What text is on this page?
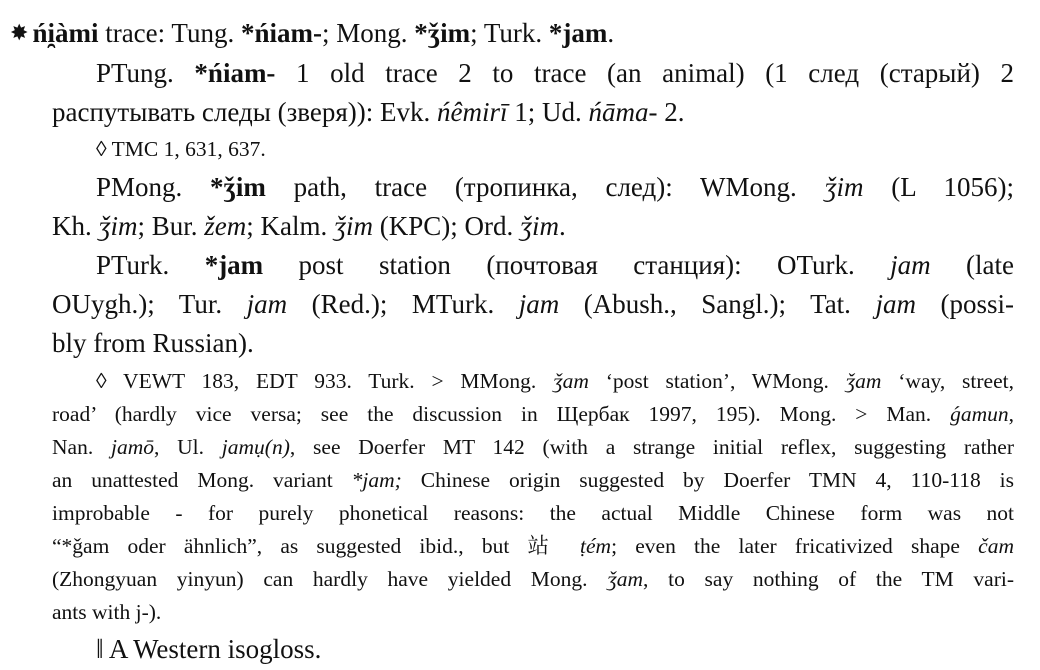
✸ ńi̯àmi trace: Tung. *ńiam-; Mong. *ǯim; Turk. *jam.
PTung. *ńiam- 1 old trace 2 to trace (an animal) (1 след (старый) 2
распутывать следы (зверя)): Evk. ńêmirī 1; Ud. ńāma- 2.
◊ TMC 1, 631, 637.
PMong. *ǯim path, trace (тропинка, след): WMong. ǯim (L 1056);
Kh. ǯim; Bur. žem; Kalm. ǯim (KPC); Ord. ǯim.
PTurk. *jam post station (почтовая станция): OTurk. jam (late
OUygh.); Tur. jam (Red.); MTurk. jam (Abush., Sangl.); Tat. jam (possi-
bly from Russian).
◊ VEWT 183, EDT 933. Turk. > MMong. ǯam ‘post station’, WMong. ǯam ‘way, street,
road’ (hardly vice versa; see the discussion in Щербак 1997, 195). Mong. > Man. ǵamun,
Nan. jamō, Ul. jamụ(n), see Doerfer MT 142 (with a strange initial reflex, suggesting rather
an unattested Mong. variant *jam; Chinese origin suggested by Doerfer TMN 4, 110-118 is
improbable - for purely phonetical reasons: the actual Middle Chinese form was not
“*ǧam oder ähnlich”, as suggested ibid., but 站 ṭém; even the later fricativized shape čam
(Zhongyuan yinyun) can hardly have yielded Mong. ǯam, to say nothing of the TM vari-
ants with j-).
‖ A Western isogloss.
